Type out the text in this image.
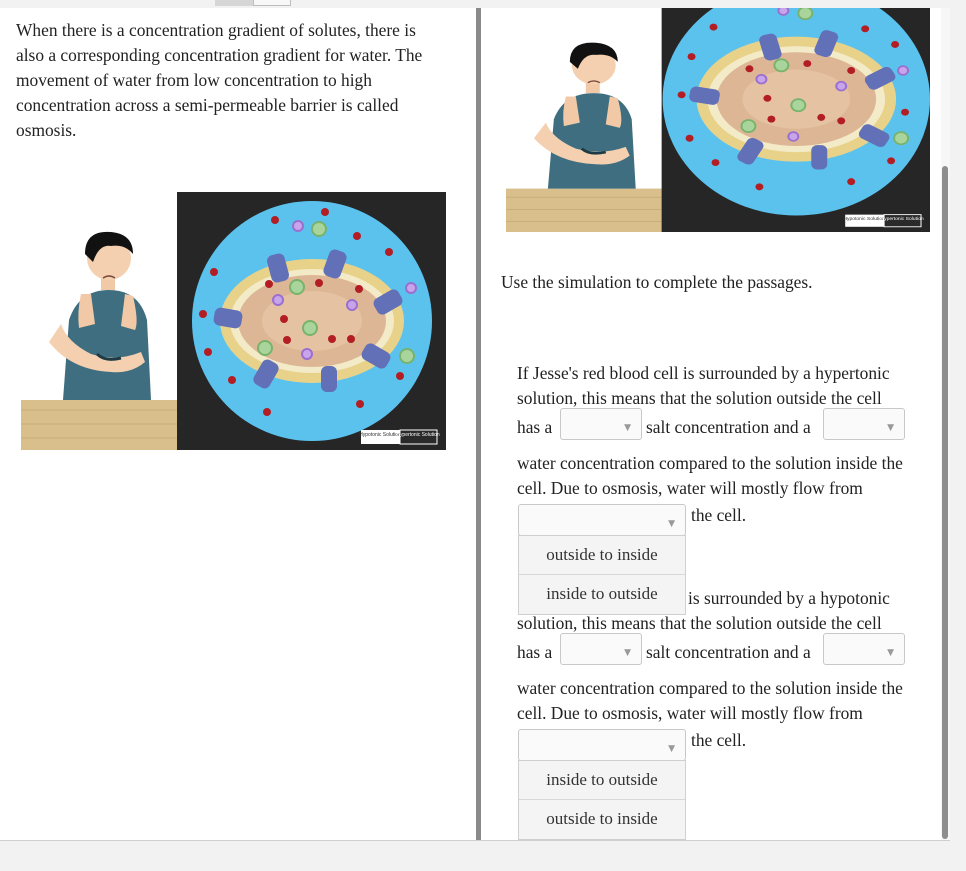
When there is a concentration gradient of solutes, there is
also a corresponding concentration gradient for water. The
movement of water from low concentration to high
concentration across a semi-permeable barrier is called
osmosis.
Hypotonic Solution
Hypertonic Solution
Hypotonic Solution
Hypertonic Solution
Use the simulation to complete the passages.
If Jesse's red blood cell is surrounded by a hypertonic
solution, this means that the solution outside the cell
has a	▼ salt concentration and a	▼
water concentration compared to the solution inside the
cell. Due to osmosis, water will mostly flow from
▼ the cell.
outside to inside
inside to outside	is surrounded by a hypotonic
solution, this means that the solution outside the cell
has a	▼ salt concentration and a	▼
water concentration compared to the solution inside the
cell. Due to osmosis, water will mostly flow from
▼ the cell.
inside to outside
outside to inside
